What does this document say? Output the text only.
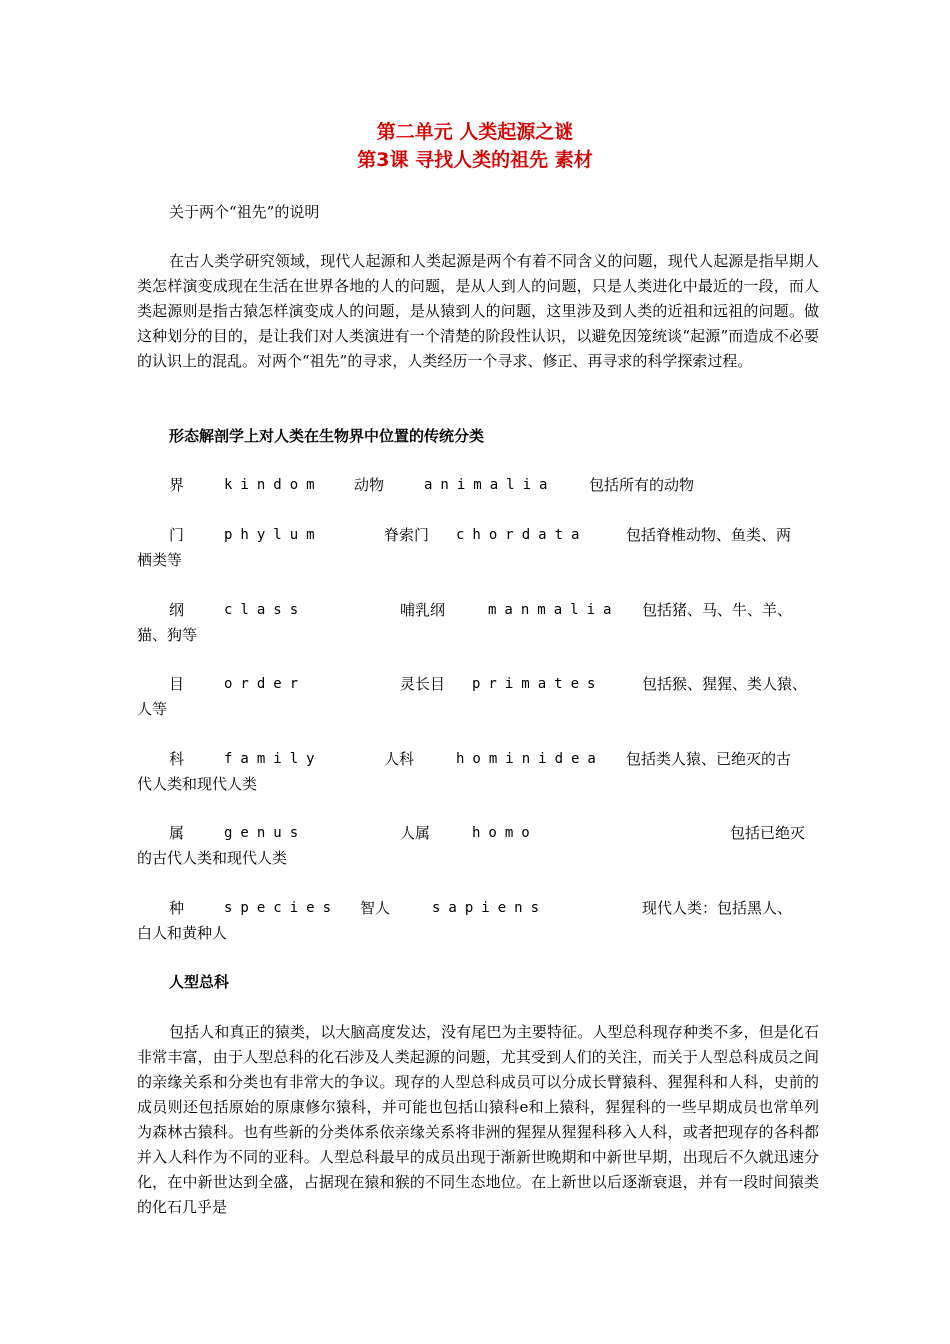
第二单元 人类起源之谜
第3课 寻找人类的祖先 素材
关于两个“祖先”的说明
在古人类学研究领域，现代人起源和人类起源是两个有着不同含义的问题，现代人起源是指早期人类怎样演变成现在生活在世界各地的人的问题，是从人到人的问题，只是人类进化中最近的一段，而人类起源则是指古猿怎样演变成人的问题，是从猿到人的问题，这里涉及到人类的近祖和远祖的问题。做这种划分的目的，是让我们对人类演进有一个清楚的阶段性认识，以避免因笼统谈“起源”而造成不必要的认识上的混乱。对两个“祖先”的寻求，人类经历一个寻求、修正、再寻求的科学探索过程。
形态解剖学上对人类在生物界中位置的传统分类
界	kindom 动物	animalia 包括所有的动物
门	phylum	脊索门 chordata	包括脊椎动物、鱼类、两
栖类等
纲	class	哺乳纲	manmalia 包括猪、马、牛、羊、
猫、狗等
目	order	灵长目 primates	包括猴、猩猩、类人猿、
人等
科	family	人科	hominidea 包括类人猿、已绝灭的古
代人类和现代人类
属	genus	人属	homo	包括已绝灭
的古代人类和现代人类
种	species 智人	sapiens	现代人类：包括黑人、
白人和黄种人
人型总科
包括人和真正的猿类，以大脑高度发达，没有尾巴为主要特征。人型总科现存种类不多，但是化石非常丰富，由于人型总科的化石涉及人类起源的问题，尤其受到人们的关注，而关于人型总科成员之间的亲缘关系和分类也有非常大的争议。现存的人型总科成员可以分成长臂猿科、猩猩科和人科，史前的成员则还包括原始的原康修尔猿科，并可能也包括山猿科e和上猿科，猩猩科的一些早期成员也常单列为森林古猿科。也有些新的分类体系依亲缘关系将非洲的猩猩从猩猩科移入人科，或者把现存的各科都并入人科作为不同的亚科。人型总科最早的成员出现于渐新世晚期和中新世早期，出现后不久就迅速分化，在中新世达到全盛，占据现在猿和猴的不同生态地位。在上新世以后逐渐衰退，并有一段时间猿类的化石几乎是
